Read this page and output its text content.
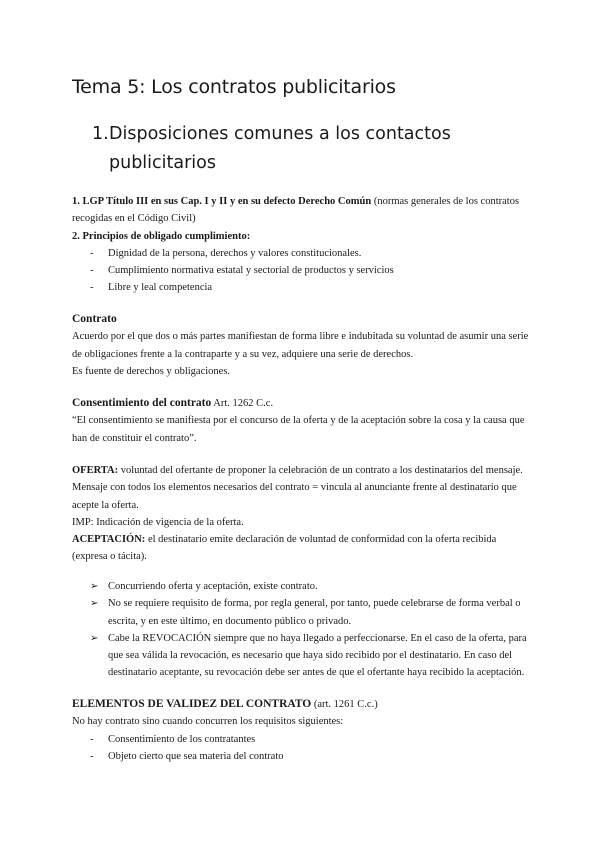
Tema 5: Los contratos publicitarios
1. Disposiciones comunes a los contactos publicitarios

1. LGP Título III en sus Cap. I y II y en su defecto Derecho Común (normas generales de los contratos recogidas en el Código Civil)

2. Principios de obligado cumplimiento:

- Dignidad de la persona, derechos y valores constitucionales.
- Cumplimiento normativa estatal y sectorial de productos y servicios
- Libre y leal competencia

Contrato

Acuerdo por el que dos o más partes manifiestan de forma libre e indubitada su voluntad de asumir una serie de obligaciones frente a la contraparte y a su vez, adquiere una serie de derechos.

Es fuente de derechos y obligaciones.

Consentimiento del contrato Art. 1262 C.c.

“El consentimiento se manifiesta por el concurso de la oferta y de la aceptación sobre la cosa y la causa que han de constituir el contrato”.

OFERTA: voluntad del ofertante de proponer la celebración de un contrato a los destinatarios del mensaje.

Mensaje con todos los elementos necesarios del contrato = vincula al anunciante frente al destinatario que acepte la oferta.

IMP: Indicación de vigencia de la oferta.

ACEPTACIÓN: el destinatario emite declaración de voluntad de conformidad con la oferta recibida (expresa o tácita).

➢ Concurriendo oferta y aceptación, existe contrato.
➢ No se requiere requisito de forma, por regla general, por tanto, puede celebrarse de forma verbal o escrita, y en este último, en documento público o privado.
➢ Cabe la REVOCACIÓN siempre que no haya llegado a perfeccionarse. En el caso de la oferta, para que sea válida la revocación, es necesario que haya sido recibido por el destinatario. En caso del destinatario aceptante, su revocación debe ser antes de que el ofertante haya recibido la aceptación.

ELEMENTOS DE VALIDEZ DEL CONTRATO (art. 1261 C.c.)

No hay contrato sino cuando concurren los requisitos siguientes:

- Consentimiento de los contratantes
- Objeto cierto que sea materia del contrato
